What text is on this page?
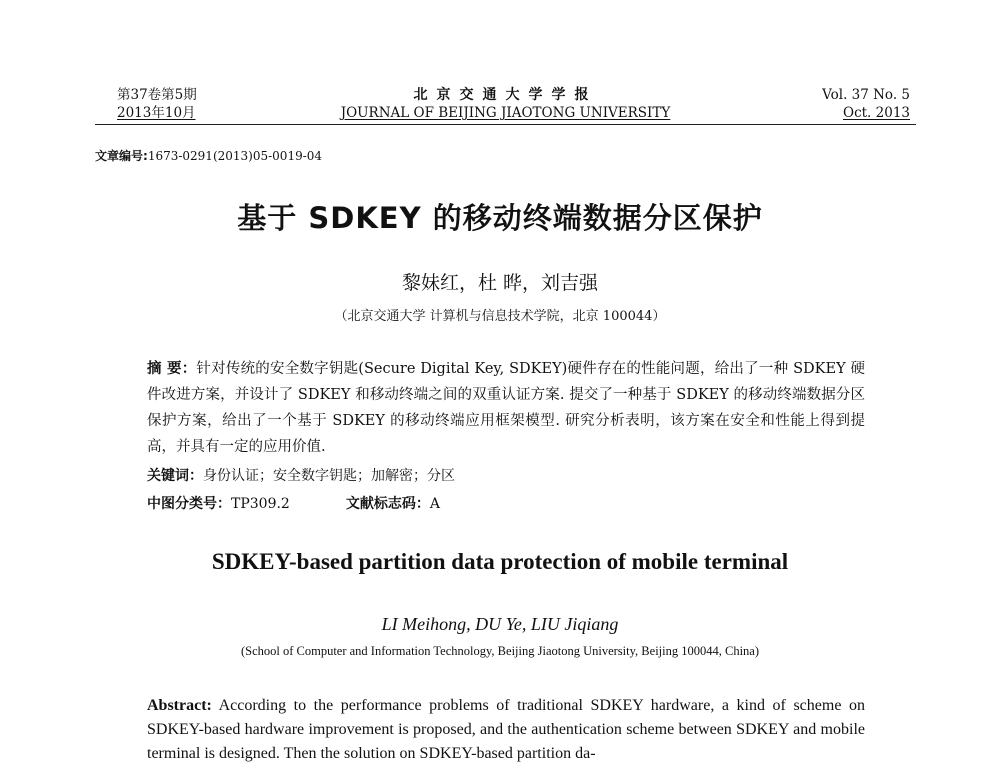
第37卷第5期
2013年10月
北京交通大学学报
JOURNAL OF BEIJING JIAOTONG UNIVERSITY
Vol. 37 No. 5
Oct. 2013
文章编号:1673-0291(2013)05-0019-04
基于 SDKEY 的移动终端数据分区保护
黎妹红，杜 晔，刘吉强
（北京交通大学 计算机与信息技术学院，北京 100044）
摘 要：针对传统的安全数字钥匙(Secure Digital Key, SDKEY)硬件存在的性能问题，给出了一种 SDKEY 硬件改进方案，并设计了 SDKEY 和移动终端之间的双重认证方案. 提交了一种基于 SDKEY 的移动终端数据分区保护方案，给出了一个基于 SDKEY 的移动终端应用框架模型. 研究分析表明，该方案在安全和性能上得到提高，并具有一定的应用价值.
关键词：身份认证；安全数字钥匙；加解密；分区
中图分类号：TP309.2	文献标志码：A
SDKEY-based partition data protection of mobile terminal
LI Meihong, DU Ye, LIU Jiqiang
(School of Computer and Information Technology, Beijing Jiaotong University, Beijing 100044, China)
Abstract: According to the performance problems of traditional SDKEY hardware, a kind of scheme on SDKEY-based hardware improvement is proposed, and the authentication scheme between SDKEY and mobile terminal is designed. Then the solution on SDKEY-based partition da-
